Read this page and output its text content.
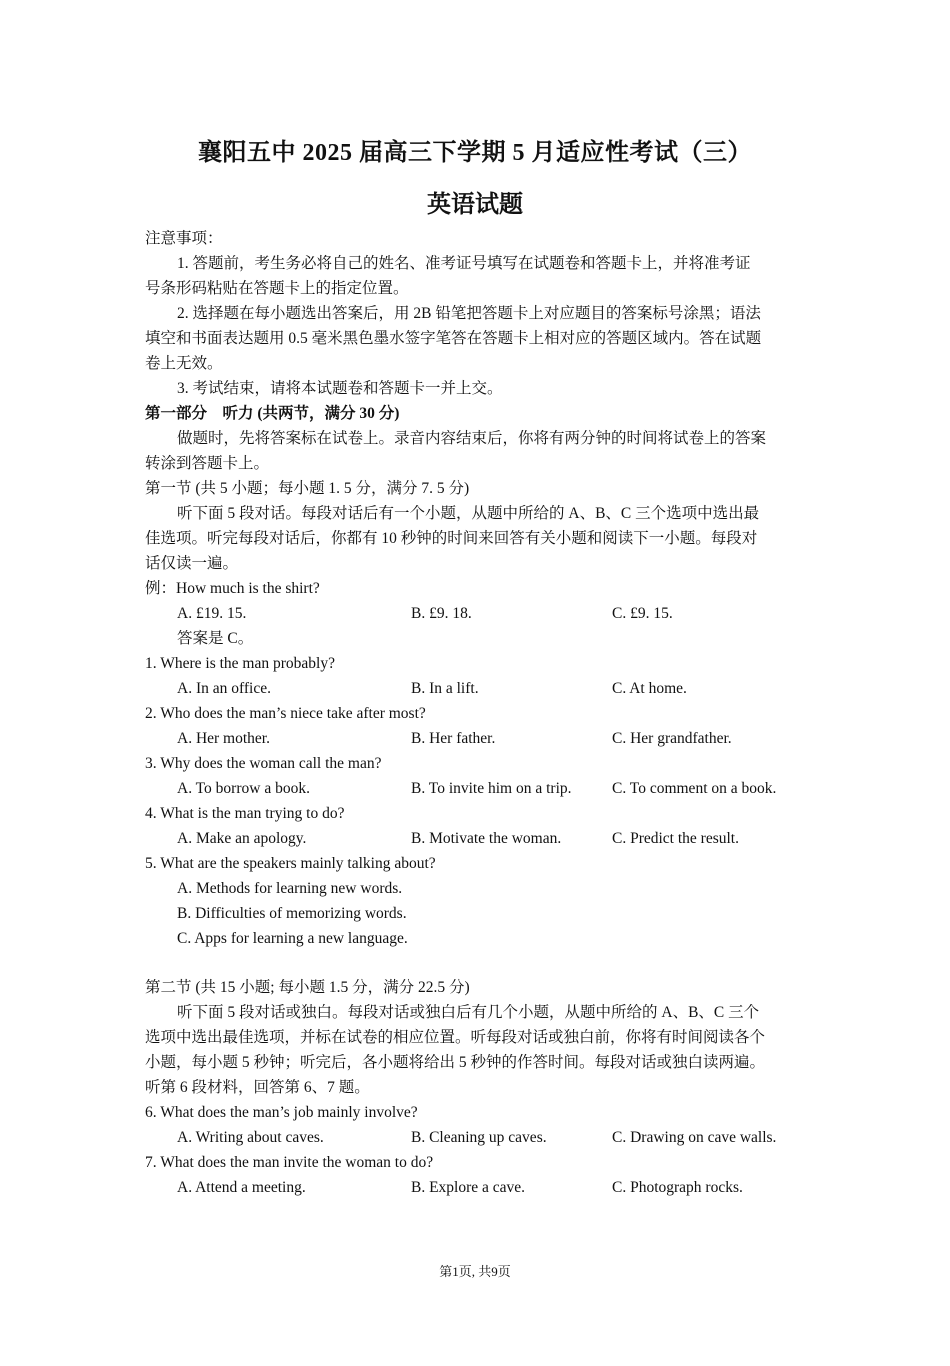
襄阳五中 2025 届高三下学期 5 月适应性考试（三）
英语试题
注意事项：
1. 答题前，考生务必将自己的姓名、准考证号填写在试题卷和答题卡上，并将准考证
号条形码粘贴在答题卡上的指定位置。
2. 选择题在每小题选出答案后，用 2B 铅笔把答题卡上对应题目的答案标号涂黑；语法
填空和书面表达题用 0.5 毫米黑色墨水签字笔答在答题卡上相对应的答题区域内。答在试题
卷上无效。
3. 考试结束，请将本试题卷和答题卡一并上交。
第一部分　听力 (共两节，满分 30 分)
做题时，先将答案标在试卷上。录音内容结束后，你将有两分钟的时间将试卷上的答案
转涂到答题卡上。
第一节 (共 5 小题；每小题 1. 5 分，满分 7. 5 分)
听下面 5 段对话。每段对话后有一个小题，从题中所给的 A、B、C 三个选项中选出最
佳选项。听完每段对话后，你都有 10 秒钟的时间来回答有关小题和阅读下一小题。每段对
话仅读一遍。
例：How much is the shirt?
A. £19. 15.	B. £9. 18.	C. £9. 15.
答案是 C。
1. Where is the man probably?
A. In an office.	B. In a lift.	C. At home.
2. Who does the man’s niece take after most?
A. Her mother.	B. Her father.	C. Her grandfather.
3. Why does the woman call the man?
A. To borrow a book.	B. To invite him on a trip.	C. To comment on a book.
4. What is the man trying to do?
A. Make an apology.	B. Motivate the woman.	C. Predict the result.
5. What are the speakers mainly talking about?
A. Methods for learning new words.
B. Difficulties of memorizing words.
C. Apps for learning a new language.
第二节 (共 15 小题; 每小题 1.5 分，满分 22.5 分)
听下面 5 段对话或独白。每段对话或独白后有几个小题，从题中所给的 A、B、C 三个
选项中选出最佳选项，并标在试卷的相应位置。听每段对话或独白前，你将有时间阅读各个
小题，每小题 5 秒钟；听完后，各小题将给出 5 秒钟的作答时间。每段对话或独白读两遍。
听第 6 段材料，回答第 6、7 题。
6. What does the man’s job mainly involve?
A. Writing about caves.	B. Cleaning up caves.	C. Drawing on cave walls.
7. What does the man invite the woman to do?
A. Attend a meeting.	B. Explore a cave.	C. Photograph rocks.
第1页, 共9页
